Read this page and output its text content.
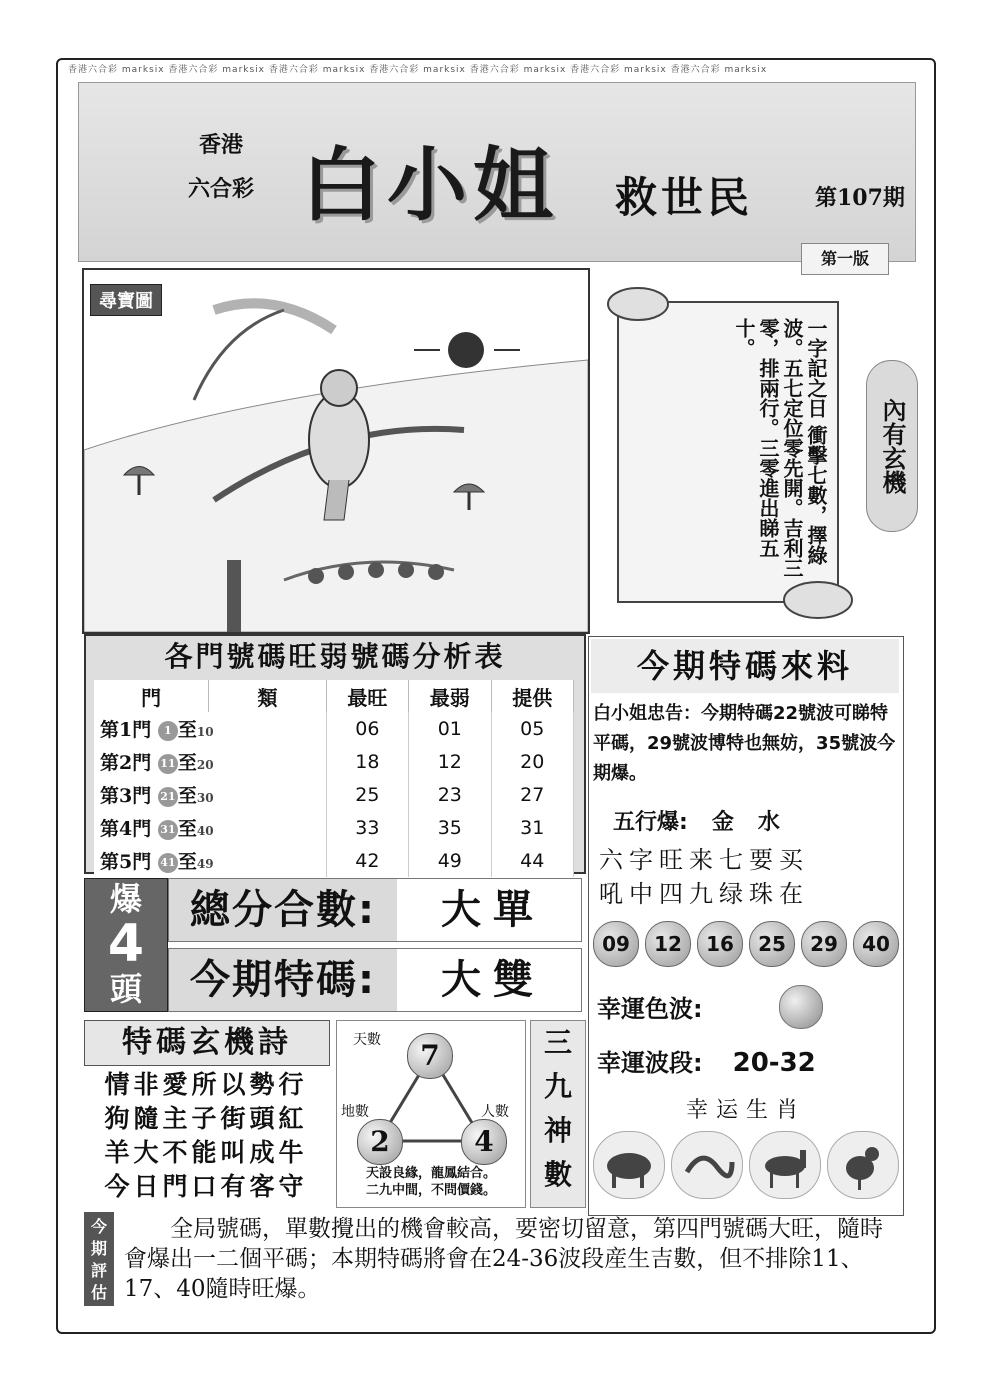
香港六合彩 marksix 香港六合彩 marksix 香港六合彩 marksix 香港六合彩 marksix 香港六合彩 marksix 香港六合彩 marksix 香港六合彩 marksix
香港
六合彩 白小姐 救世民	第107期
第一版
尋寶圖
一字記之日 衝擊七數，擇綠波。五七定位零先開。吉利三零，排兩行。三零進出睇五十。
內有玄機
各門號碼旺弱號碼分析表
門	類	最旺	最弱	提供
第1門 1 至10		06	01	05
第2門 11 至20		18	12	20
第3門 21 至30		25	23	27
第4門 31 至40		33	35	31
第5門 41 至49		42	49	44
今期特碼來料
白小姐忠告：今期特碼22號波可睇特平碼，29號波博特也無妨，35號波今期爆。
五行爆: 金 水
六字旺来七要买
吼中四九绿珠在
09	12	16	25	29	40
幸運色波:
幸運波段: 20-32
幸运生肖
爆
4
頭
總分合數:	大單
今期特碼:	大雙
特碼玄機詩
情非愛所以勢行
狗隨主子街頭紅
羊大不能叫成牛
今日門口有客守
天數	7
地數
2
人數
4
天設良緣，龍鳳結合。
二九中間，不問價錢。
三九神數
今期評估
全局號碼，單數攪出的機會較高，要密切留意，第四門號碼大旺，隨時會爆出一二個平碼；本期特碼將會在24-36波段産生吉數，但不排除11、17、40隨時旺爆。
